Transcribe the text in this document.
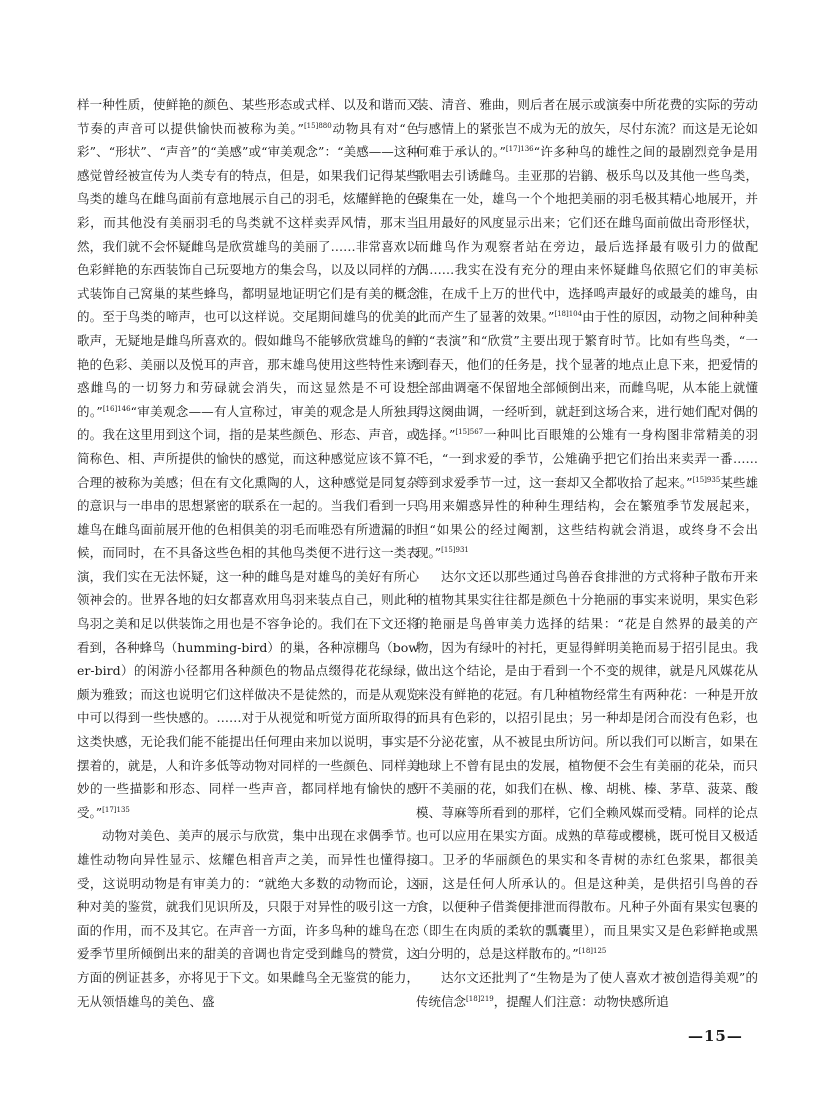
样一种性质，使鲜艳的颜色、某些形态或式样、以及和谐而又节奏的声音可以提供愉快而被称为美。”$^{[15]880}$动物具有对“色彩”、“形状”、“声音”的“美感”或“审美观念”：“美感——这种感觉曾经被宣传为人类专有的特点，但是，如果我们记得某些鸟类的雄鸟在雌鸟面前有意地展示自己的羽毛，炫耀鲜艳的色彩，而其他没有美丽羽毛的鸟类就不这样卖弄风情，那末当然，我们就不会怀疑雌鸟是欣赏雄鸟的美丽了……非常喜欢以色彩鲜艳的东西装饰自己玩耍地方的集会鸟，以及以同样的方式装饰自己窝巢的某些蜂鸟，都明显地证明它们是有美的概念的。至于鸟类的啼声，也可以这样说。交尾期间雄鸟的优美的歌声，无疑地是雌鸟所喜欢的。假如雌鸟不能够欣赏雄鸟的鲜艳的色彩、美丽以及悦耳的声音，那末雄鸟使用这些特性来诱惑雌鸟的一切努力和劳碌就会消失，而这显然是不可设想的。”$^{[16]146}$“审美观念——有人宣称过，审美的观念是人所独具的。我在这里用到这个词，指的是某些颜色、形态、声音，或简称色、相、声所提供的愉快的感觉，而这种感觉应该不算不合理的被称为美感；但在有文化熏陶的人，这种感觉是同复杂的意识与一串串的思想紧密的联系在一起的。当我们看到一只雄鸟在雌鸟面前展开他的色相俱美的羽毛而唯恐有所遗漏的时候，而同时，在不具备这些色相的其他鸟类便不进行这一类表演，我们实在无法怀疑，这一种的雌鸟是对雄鸟的美好有所心领神会的。世界各地的妇女都喜欢用鸟羽来装点自己，则此种鸟羽之美和足以供装饰之用也是不容争论的。我们在下文还将看到，各种蜂鸟（humming-bird）的巢，各种凉棚鸟（bower-bird）的闲游小径都用各种颜色的物品点缀得花花绿绿，颇为雅致；而这也说明它们这样做决不是徒然的，而是从观览中可以得到一些快感的。……对于从视觉和听觉方面所取得的这类快感，无论我们能不能提出任何理由来加以说明，事实是摆着的，就是，人和许多低等动物对同样的一些颜色、同样美妙的一些描影和形态、同样一些声音，都同样地有愉快的感受。”$^{[17]135}$

动物对美色、美声的展示与欣赏，集中出现在求偶季节。雄性动物向异性显示、炫耀色相音声之美，而异性也懂得接受，这说明动物是有审美力的：“就绝大多数的动物而论，这种对美的鉴赏，就我们见识所及，只限于对异性的吸引这一方面的作用，而不及其它。在声音一方面，许多鸟种的雄鸟在恋爱季节里所倾倒出来的甜美的音调也肯定受到雌鸟的赞赏，这方面的例证甚多，亦将见于下文。如果雌鸟全无鉴赏的能力，无从领悟雄鸟的美色、盛

装、清音、雅曲，则后者在展示或演奏中所花费的实际的劳动与感情上的紧张岂不成为无的放矢，尽付东流？而这是无论如何难于承认的。”$^{[17]136}$“许多种鸟的雄性之间的最剧烈竞争是用歌唱去引诱雌鸟。圭亚那的岩鹟、极乐鸟以及其他一些鸟类，聚集在一处，雄鸟一个个地把美丽的羽毛极其精心地展开，并且用最好的风度显示出来；它们还在雌鸟面前做出奇形怪状，而雌鸟作为观察者站在旁边，最后选择最有吸引力的做配偶……我实在没有充分的理由来怀疑雌鸟依照它们的审美标准，在成千上万的世代中，选择鸣声最好的或最美的雄鸟，由此而产生了显著的效果。”$^{[18]104}$由于性的原因，动物之间种种美的“表演”和“欣赏”主要出现于繁育时节。比如有些鸟类，“一到春天，他们的任务是，找个显著的地点止息下来，把爱情的全部曲调毫不保留地全部倾倒出来，而雌鸟呢，从本能上就懂得这阕曲调，一经听到，就赶到这场合来，进行她们配对偶的选择。”$^{[15]567}$一种叫比百眼雉的公雉有一身构图非常精美的羽毛，“一到求爱的季节，公雉确乎把它们抬出来卖弄一番……等到求爱季节一过，这一套却又全都收拾了起来。”$^{[15]935}$某些雄鸟用来媚惑异性的种种生理结构，会在繁殖季节发展起来，但“如果公的经过阉割，这些结构就会消退，或终身不会出现。”$^{[15]931}$

达尔文还以那些通过鸟兽吞食排泄的方式将种子散布开来的植物其果实往往都是颜色十分艳丽的事实来说明，果实色彩的艳丽是鸟兽审美力选择的结果：“花是自然界的最美的产物，因为有绿叶的衬托，更显得鲜明美艳而易于招引昆虫。我做出这个结论，是由于看到一个不变的规律，就是凡风媒花从来没有鲜艳的花冠。有几种植物经常生有两种花：一种是开放而具有色彩的，以招引昆虫；另一种却是闭合而没有色彩，也不分泌花蜜，从不被昆虫所访问。所以我们可以断言，如果在地球上不曾有昆虫的发展，植物便不会生有美丽的花朵，而只开不美丽的花，如我们在枞、橡、胡桃、榛、茅草、菠菜、酸模、荨麻等所看到的那样，它们全赖风媒而受精。同样的论点也可以应用在果实方面。成熟的草莓或樱桃，既可悦目又极适口。卫矛的华丽颜色的果实和冬青树的赤红色浆果，都很美丽，这是任何人所承认的。但是这种美，是供招引鸟兽的吞食，以便种子借粪便排泄而得散布。凡种子外面有果实包裹的（即生在肉质的柔软的瓢囊里），而且果实又是色彩鲜艳或黑白分明的，总是这样散布的。”$^{[18]125}$

达尔文还批判了“生物是为了使人喜欢才被创造得美观”的传统信念$^{[18]219}$，提醒人们注意：动物快感所追

—15—
